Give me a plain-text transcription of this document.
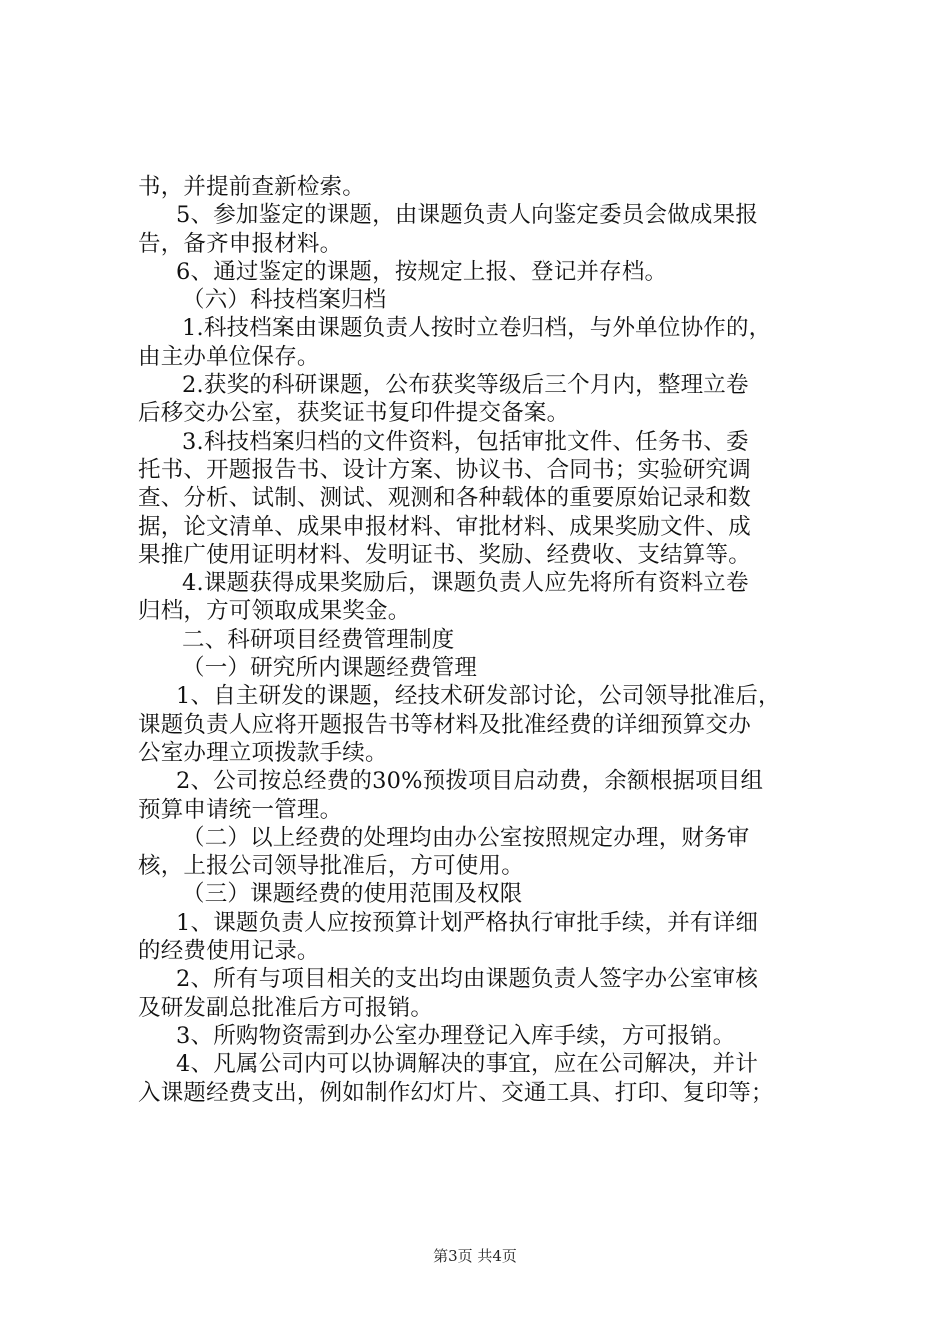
书，并提前查新检索。
5、参加鉴定的课题，由课题负责人向鉴定委员会做成果报
告，备齐申报材料。
6、通过鉴定的课题，按规定上报、登记并存档。
（六）科技档案归档
1.科技档案由课题负责人按时立卷归档，与外单位协作的，
由主办单位保存。
2.获奖的科研课题，公布获奖等级后三个月内，整理立卷
后移交办公室，获奖证书复印件提交备案。
3.科技档案归档的文件资料，包括审批文件、任务书、委
托书、开题报告书、设计方案、协议书、合同书；实验研究调
查、分析、试制、测试、观测和各种载体的重要原始记录和数
据，论文清单、成果申报材料、审批材料、成果奖励文件、成
果推广使用证明材料、发明证书、奖励、经费收、支结算等。
4.课题获得成果奖励后，课题负责人应先将所有资料立卷
归档，方可领取成果奖金。
二、科研项目经费管理制度
（一）研究所内课题经费管理
1、自主研发的课题，经技术研发部讨论，公司领导批准后，
课题负责人应将开题报告书等材料及批准经费的详细预算交办
公室办理立项拨款手续。
2、公司按总经费的30%预拨项目启动费，余额根据项目组
预算申请统一管理。
（二）以上经费的处理均由办公室按照规定办理，财务审
核，上报公司领导批准后，方可使用。
（三）课题经费的使用范围及权限
1、课题负责人应按预算计划严格执行审批手续，并有详细
的经费使用记录。
2、所有与项目相关的支出均由课题负责人签字办公室审核
及研发副总批准后方可报销。
3、所购物资需到办公室办理登记入库手续，方可报销。
4、凡属公司内可以协调解决的事宜，应在公司解决，并计
入课题经费支出，例如制作幻灯片、交通工具、打印、复印等；
第3页 共4页
